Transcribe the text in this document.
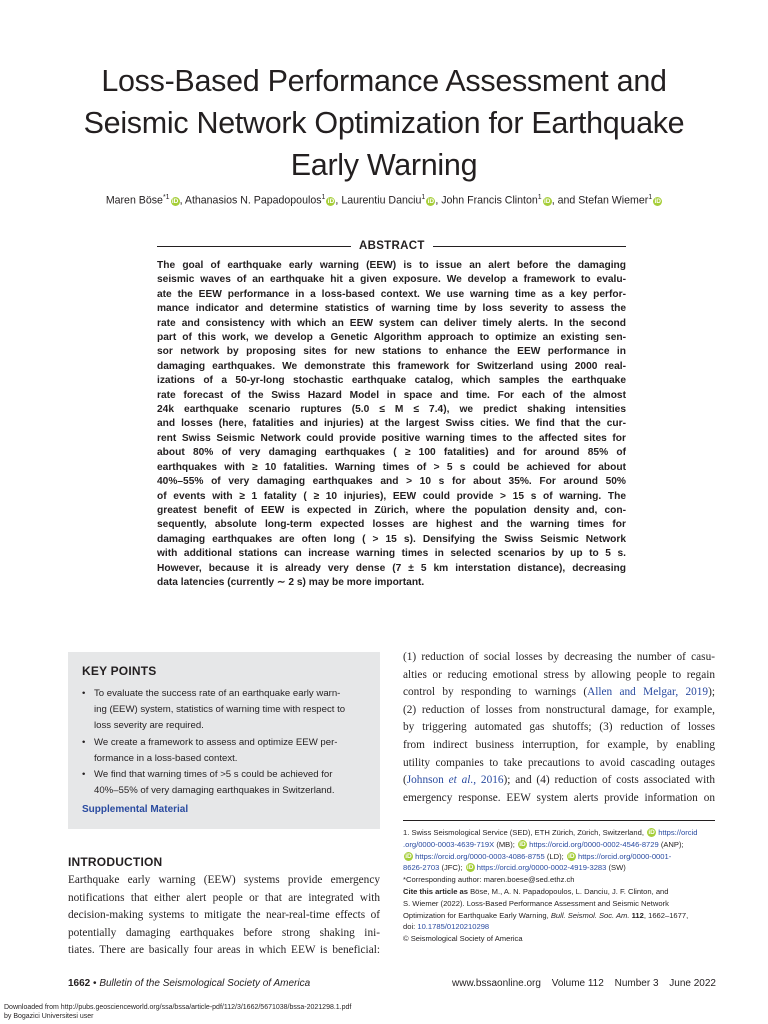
Loss-Based Performance Assessment and
Seismic Network Optimization for Earthquake
Early Warning
Maren Böse$^{*1}$iD, Athanasios N. Papadopoulos$^1$iD, Laurentiu Danciu$^1$iD, John Francis Clinton$^1$iD, and Stefan Wiemer$^1$iD
ABSTRACT
The goal of earthquake early warning (EEW) is to issue an alert before the damaging
seismic waves of an earthquake hit a given exposure. We develop a framework to evalu-
ate the EEW performance in a loss-based context. We use warning time as a key perfor-
mance indicator and determine statistics of warning time by loss severity to assess the
rate and consistency with which an EEW system can deliver timely alerts. In the second
part of this work, we develop a Genetic Algorithm approach to optimize an existing sen-
sor network by proposing sites for new stations to enhance the EEW performance in
damaging earthquakes. We demonstrate this framework for Switzerland using 2000 real-
izations of a 50-yr-long stochastic earthquake catalog, which samples the earthquake
rate forecast of the Swiss Hazard Model in space and time. For each of the almost
24k earthquake scenario ruptures (5.0 ≤ M ≤ 7.4), we predict shaking intensities
and losses (here, fatalities and injuries) at the largest Swiss cities. We find that the cur-
rent Swiss Seismic Network could provide positive warning times to the affected sites for
about 80% of very damaging earthquakes ( ≥ 100 fatalities) and for around 85% of
earthquakes with ≥ 10 fatalities. Warning times of > 5 s could be achieved for about
40%–55% of very damaging earthquakes and > 10 s for about 35%. For around 50%
of events with ≥ 1 fatality ( ≥ 10 injuries), EEW could provide > 15 s of warning. The
greatest benefit of EEW is expected in Zürich, where the population density and, con-
sequently, absolute long-term expected losses are highest and the warning times for
damaging earthquakes are often long ( > 15 s). Densifying the Swiss Seismic Network
with additional stations can increase warning times in selected scenarios by up to 5 s.
However, because it is already very dense (7 ± 5 km interstation distance), decreasing
data latencies (currently ∼ 2 s) may be more important.
KEY POINTS
• To evaluate the success rate of an earthquake early warn-
ing (EEW) system, statistics of warning time with respect to
loss severity are required.
• We create a framework to assess and optimize EEW per-
formance in a loss-based context.
• We find that warning times of >5 s could be achieved for
40%–55% of very damaging earthquakes in Switzerland.
Supplemental Material
INTRODUCTION
Earthquake early warning (EEW) systems provide emergency
notifications that either alert people or that are integrated with
decision-making systems to mitigate the near-real-time effects of
potentially damaging earthquakes before strong shaking ini-
tiates. There are basically four areas in which EEW is beneficial:
(1) reduction of social losses by decreasing the number of casu-
alties or reducing emotional stress by allowing people to regain
control by responding to warnings (Allen and Melgar, 2019);
(2) reduction of losses from nonstructural damage, for example,
by triggering automated gas shutoffs; (3) reduction of losses
from indirect business interruption, for example, by enabling
utility companies to take precautions to avoid cascading outages
(Johnson et al., 2016); and (4) reduction of costs associated with
emergency response. EEW system alerts provide information on
1. Swiss Seismological Service (SED), ETH Zürich, Zürich, Switzerland, iD https://orcid
.org/0000-0003-4639-719X (MB); iD https://orcid.org/0000-0002-4546-8729 (ANP);
iD https://orcid.org/0000-0003-4086-8755 (LD); iD https://orcid.org/0000-0001-
8626-2703 (JFC); iD https://orcid.org/0000-0002-4919-3283 (SW)
*Corresponding author: maren.boese@sed.ethz.ch
Cite this article as Böse, M., A. N. Papadopoulos, L. Danciu, J. F. Clinton, and
S. Wiemer (2022). Loss-Based Performance Assessment and Seismic Network
Optimization for Earthquake Early Warning, Bull. Seismol. Soc. Am. 112, 1662–1677,
doi: 10.1785/0120210298
© Seismological Society of America
1662 • Bulletin of the Seismological Society of America	www.bssaonline.org Volume 112 Number 3 June 2022
Downloaded from http://pubs.geoscienceworld.org/ssa/bssa/article-pdf/112/3/1662/5671038/bssa-2021298.1.pdf
by Bogazici Universitesi user
